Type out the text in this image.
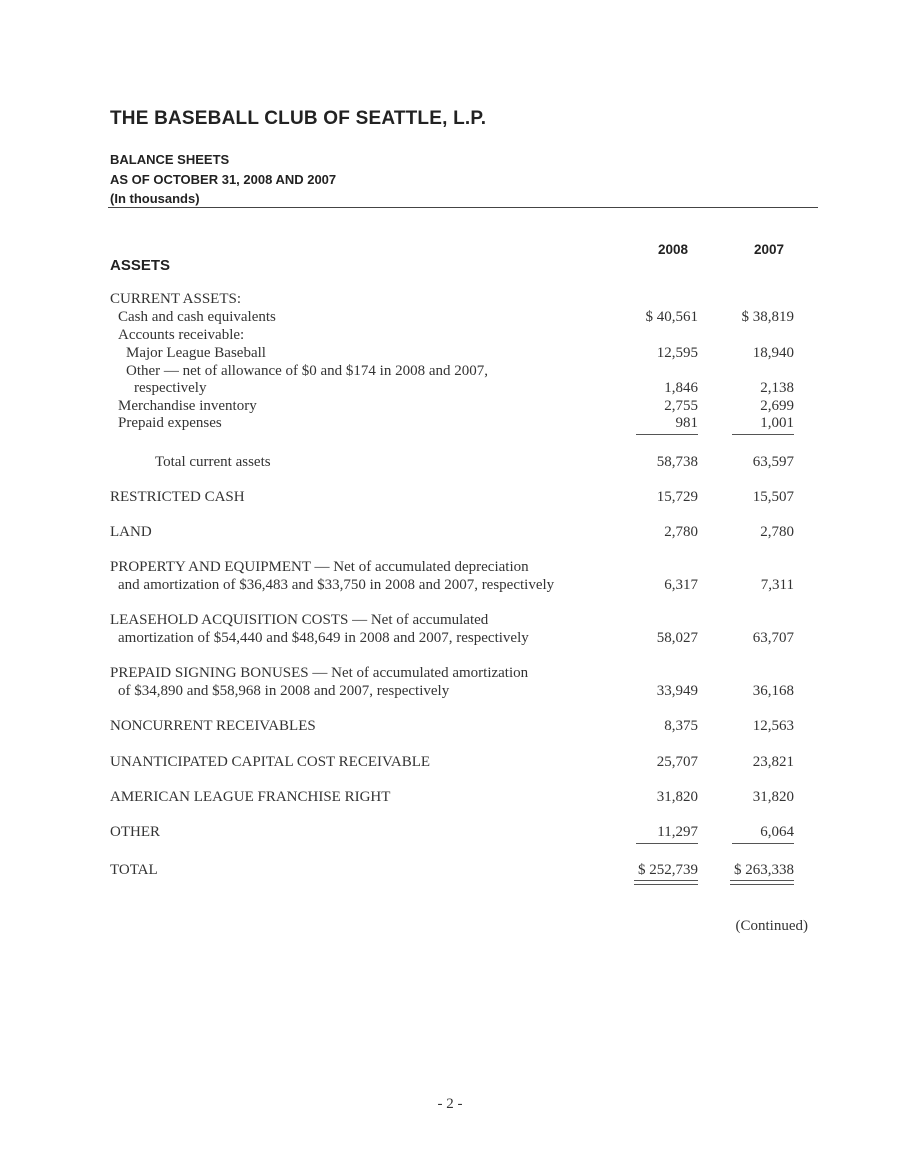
THE BASEBALL CLUB OF SEATTLE, L.P.
BALANCE SHEETS
AS OF OCTOBER 31, 2008 AND 2007
(In thousands)
2008	2007
ASSETS
CURRENT ASSETS:
Cash and cash equivalents	$ 40,561	$ 38,819
Accounts receivable:
Major League Baseball	12,595	18,940
Other — net of allowance of $0 and $174 in 2008 and 2007,
respectively	1,846	2,138
Merchandise inventory	2,755	2,699
Prepaid expenses	981	1,001
Total current assets	58,738	63,597
RESTRICTED CASH	15,729	15,507
LAND	2,780	2,780
PROPERTY AND EQUIPMENT — Net of accumulated depreciation
and amortization of $36,483 and $33,750 in 2008 and 2007, respectively	6,317	7,311
LEASEHOLD ACQUISITION COSTS — Net of accumulated
amortization of $54,440 and $48,649 in 2008 and 2007, respectively	58,027	63,707
PREPAID SIGNING BONUSES — Net of accumulated amortization
of $34,890 and $58,968 in 2008 and 2007, respectively	33,949	36,168
NONCURRENT RECEIVABLES	8,375	12,563
UNANTICIPATED CAPITAL COST RECEIVABLE	25,707	23,821
AMERICAN LEAGUE FRANCHISE RIGHT	31,820	31,820
OTHER	11,297	6,064
TOTAL	$ 252,739 $ 263,338
(Continued)
- 2 -
